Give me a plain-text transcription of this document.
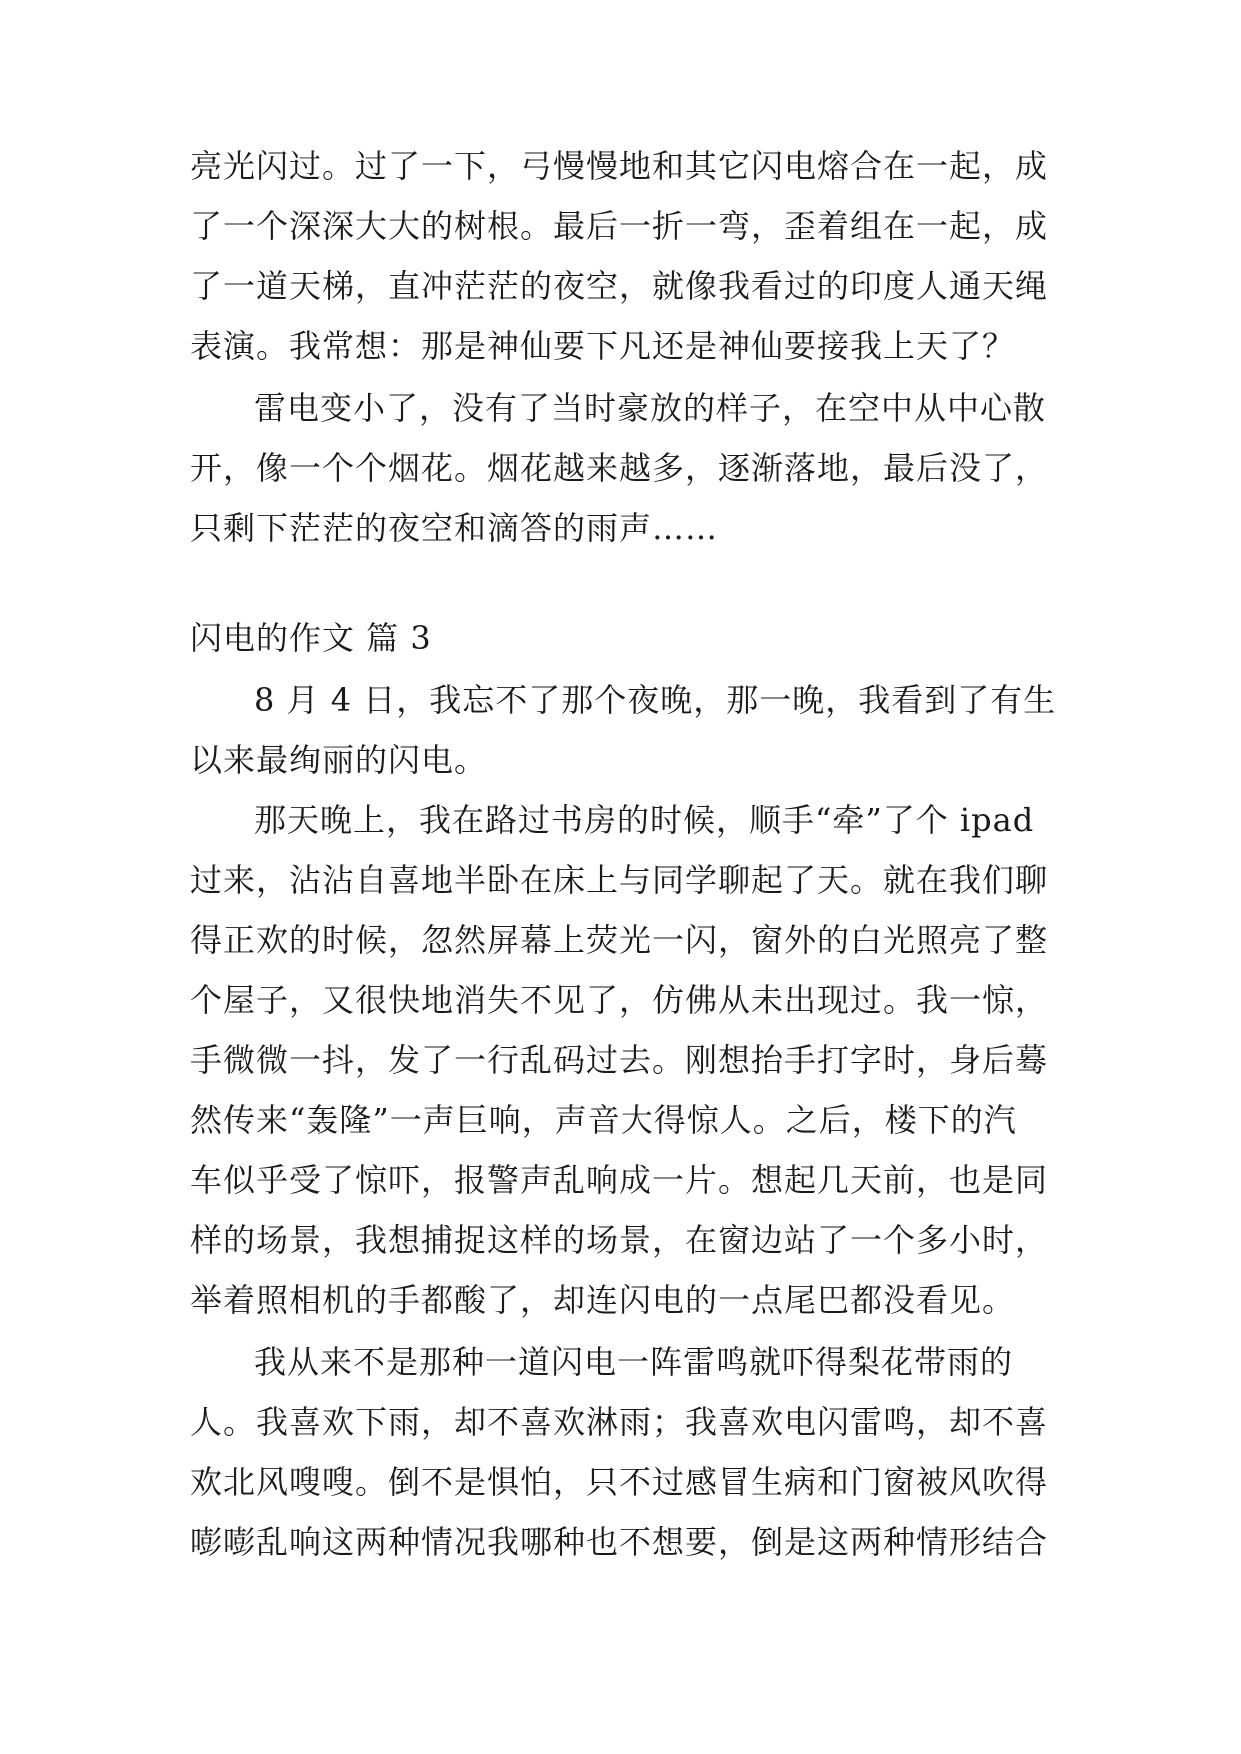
亮光闪过。过了一下，弓慢慢地和其它闪电熔合在一起，成
了一个深深大大的树根。最后一折一弯，歪着组在一起，成
了一道天梯，直冲茫茫的夜空，就像我看过的印度人通天绳
表演。我常想：那是神仙要下凡还是神仙要接我上天了？
雷电变小了，没有了当时豪放的样子，在空中从中心散
开，像一个个烟花。烟花越来越多，逐渐落地，最后没了，
只剩下茫茫的夜空和滴答的雨声……
闪电的作文 篇 3
8 月 4 日，我忘不了那个夜晚，那一晚，我看到了有生
以来最绚丽的闪电。
那天晚上，我在路过书房的时候，顺手“牵”了个 ipad
过来，沾沾自喜地半卧在床上与同学聊起了天。就在我们聊
得正欢的时候，忽然屏幕上荧光一闪，窗外的白光照亮了整
个屋子，又很快地消失不见了，仿佛从未出现过。我一惊，
手微微一抖，发了一行乱码过去。刚想抬手打字时，身后蓦
然传来“轰隆”一声巨响，声音大得惊人。之后，楼下的汽
车似乎受了惊吓，报警声乱响成一片。想起几天前，也是同
样的场景，我想捕捉这样的场景，在窗边站了一个多小时，
举着照相机的手都酸了，却连闪电的一点尾巴都没看见。
我从来不是那种一道闪电一阵雷鸣就吓得梨花带雨的
人。我喜欢下雨，却不喜欢淋雨；我喜欢电闪雷鸣，却不喜
欢北风嗖嗖。倒不是惧怕，只不过感冒生病和门窗被风吹得
嘭嘭乱响这两种情况我哪种也不想要，倒是这两种情形结合
